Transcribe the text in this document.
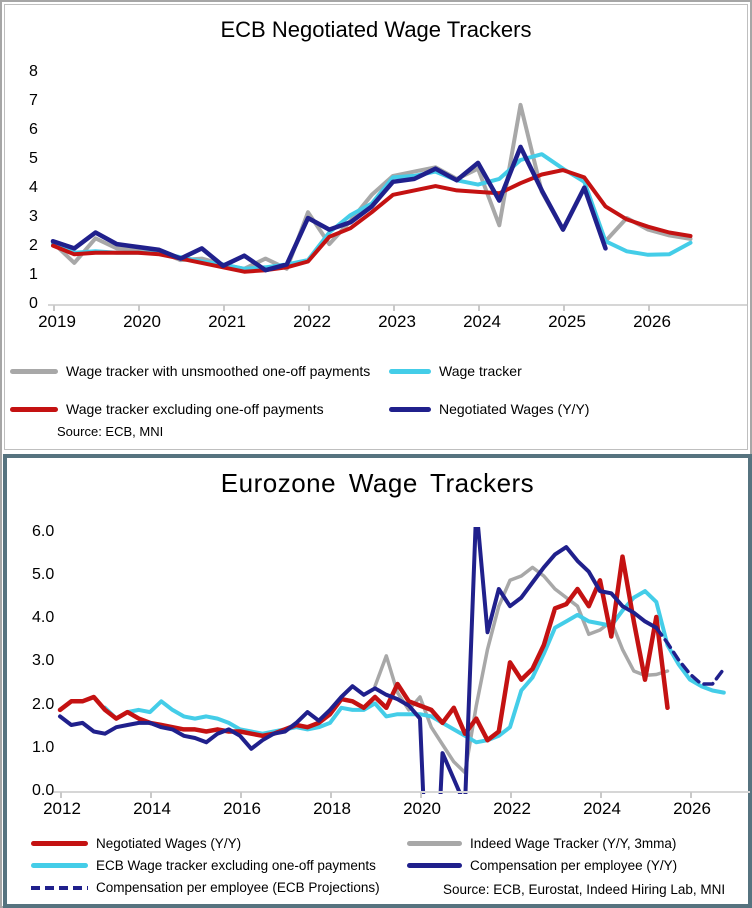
ECB Negotiated Wage Trackers
2019	2020	2021	2022	2023	2024	2025	2026
8
7
6
5
4
3
2
1
0
Wage tracker with unsmoothed one-off payments	Wage tracker
Wage tracker excluding one-off payments	Negotiated Wages (Y/Y)
Source: ECB, MNI
Eurozone Wage Trackers
2012	2014	2016	2018	2020	2022	2024	2026
6.0
5.0
4.0
3.0
2.0
1.0
0.0
Negotiated Wages (Y/Y)
ECB Wage tracker excluding one-off payments
Compensation per employee (ECB Projections)
Indeed Wage Tracker (Y/Y, 3mma)
Compensation per employee (Y/Y)
Source: ECB, Eurostat, Indeed Hiring Lab, MNI
